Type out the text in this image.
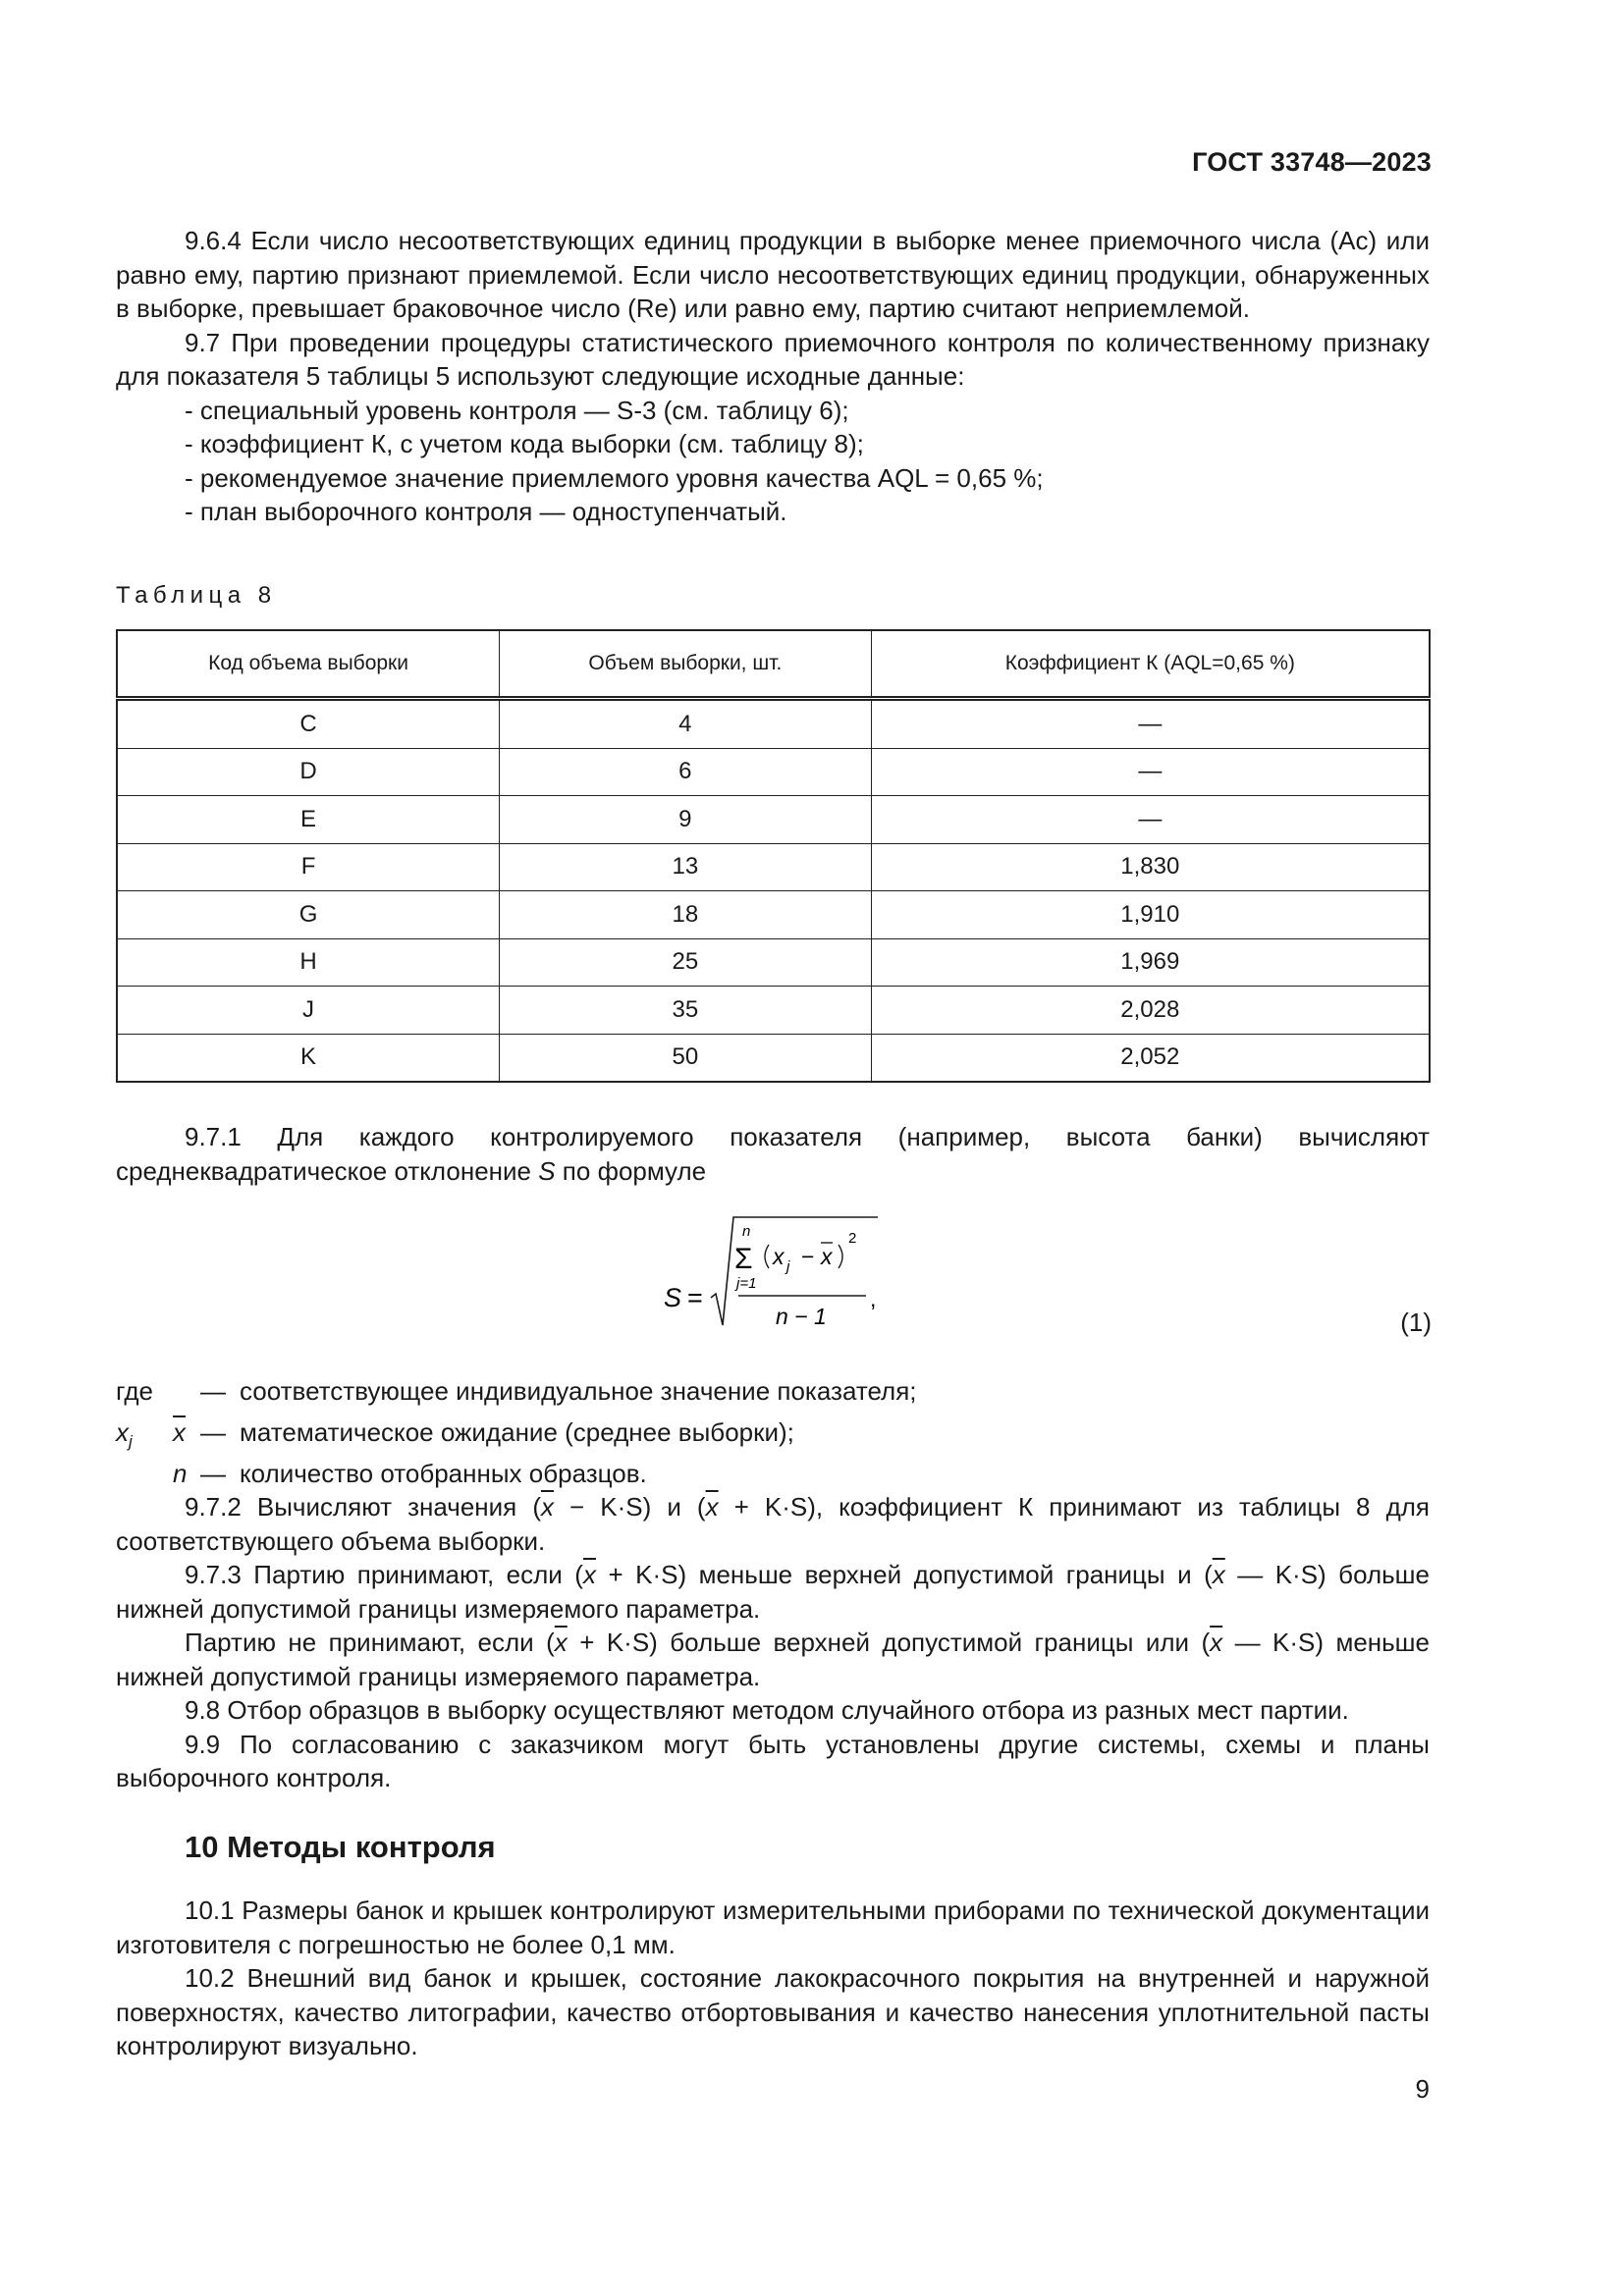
ГОСТ 33748—2023

9.6.4 Если число несоответствующих единиц продукции в выборке менее приемочного числа (Ac) или равно ему, партию признают приемлемой. Если число несоответствующих единиц продукции, обнаруженных в выборке, превышает браковочное число (Re) или равно ему, партию считают неприемлемой.

9.7 При проведении процедуры статистического приемочного контроля по количественному признаку для показателя 5 таблицы 5 используют следующие исходные данные:

- специальный уровень контроля — S-3 (см. таблицу 6);

- коэффициент К, с учетом кода выборки (см. таблицу 8);

- рекомендуемое значение приемлемого уровня качества AQL = 0,65 %;

- план выборочного контроля — одноступенчатый.

Таблица 8
Код объема выборки	Объем выборки, шт.	Коэффициент К (AQL=0,65 %)
C	4	—
D	6	—
E	9	—
F	13	1,830
G	18	1,910
H	25	1,969
J	35	2,028
K	50	2,052

9.7.1 Для каждого контролируемого показателя (например, высота банки) вычисляют среднеквадратическое отклонение S по формуле

S =
n
Σ
j=1
x j − x
2
n − 1
,
(1)
где $x_j$
— соответствующее индивидуальное значение показателя;
$\overline{x}$ — математическое ожидание (среднее выборки);
n — количество отобранных образцов.

9.7.2 Вычисляют значения $(\overline{x} - K\cdot S)$ и $(\overline{x} + K\cdot S)$, коэффициент К принимают из таблицы 8 для соответствующего объема выборки.

9.7.3 Партию принимают, если $(\overline{x} + K\cdot S)$ меньше верхней допустимой границы и ($\overline{x}$ — K·S) больше нижней допустимой границы измеряемого параметра.

Партию не принимают, если $(\overline{x} + K\cdot S)$ больше верхней допустимой границы или ($\overline{x}$ — K·S) меньше нижней допустимой границы измеряемого параметра.

9.8 Отбор образцов в выборку осуществляют методом случайного отбора из разных мест партии.

9.9 По согласованию с заказчиком могут быть установлены другие системы, схемы и планы выборочного контроля.

10 Методы контроля

10.1 Размеры банок и крышек контролируют измерительными приборами по технической документации изготовителя с погрешностью не более 0,1 мм.

10.2 Внешний вид банок и крышек, состояние лакокрасочного покрытия на внутренней и наружной поверхностях, качество литографии, качество отбортовывания и качество нанесения уплотнительной пасты контролируют визуально.

9
